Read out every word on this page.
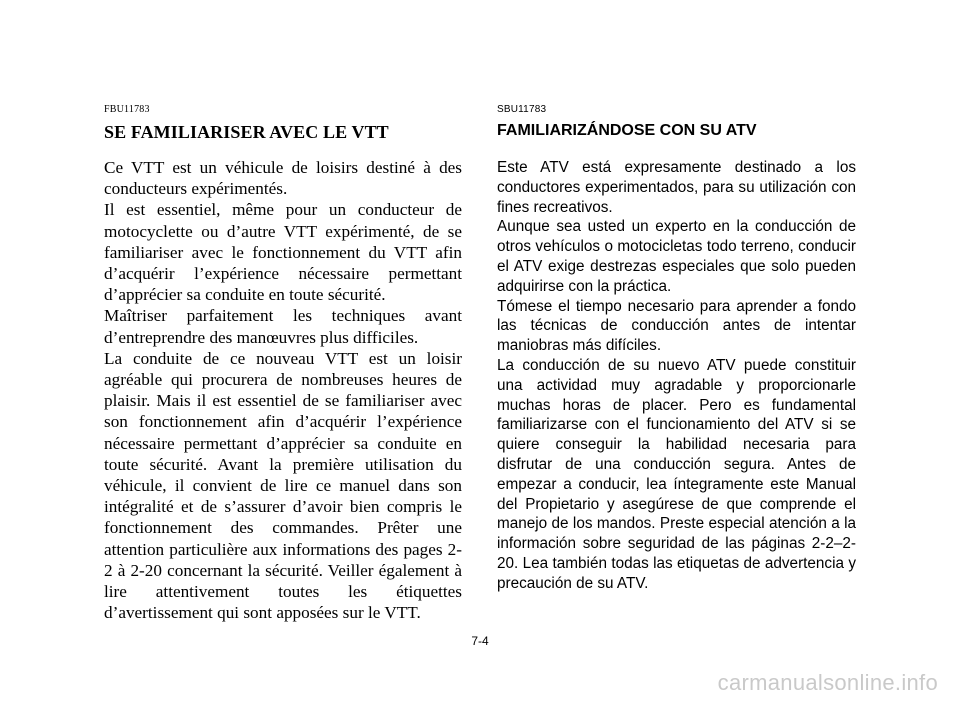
FBU11783
SE FAMILIARISER AVEC LE VTT

Ce VTT est un véhicule de loisirs destiné à des conducteurs expérimentés.

Il est essentiel, même pour un conducteur de motocyclette ou d’autre VTT expérimenté, de se familiariser avec le fonctionnement du VTT afin d’acquérir l’expérience nécessaire permettant d’apprécier sa conduite en toute sécurité.

Maîtriser parfaitement les techniques avant d’entreprendre des manœuvres plus difficiles.

La conduite de ce nouveau VTT est un loisir agréable qui procurera de nombreuses heures de plaisir. Mais il est essentiel de se familiariser avec son fonctionnement afin d’acquérir l’expérience nécessaire permettant d’apprécier sa conduite en toute sécurité. Avant la première utilisation du véhicule, il convient de lire ce manuel dans son intégralité et de s’assurer d’avoir bien compris le fonctionnement des commandes. Prêter une attention particulière aux informations des pages 2-2 à 2-20 concernant la sécurité. Veiller également à lire attentivement toutes les étiquettes d’avertissement qui sont apposées sur le VTT.

SBU11783
FAMILIARIZÁNDOSE CON SU ATV

Este ATV está expresamente destinado a los conductores experimentados, para su utilización con fines recreativos.

Aunque sea usted un experto en la conducción de otros vehículos o motocicletas todo terreno, conducir el ATV exige destrezas especiales que solo pueden adquirirse con la práctica.

Tómese el tiempo necesario para aprender a fondo las técnicas de conducción antes de intentar maniobras más difíciles.

La conducción de su nuevo ATV puede constituir una actividad muy agradable y proporcionarle muchas horas de placer. Pero es fundamental familiarizarse con el funcionamiento del ATV si se quiere conseguir la habilidad necesaria para disfrutar de una conducción segura. Antes de empezar a conducir, lea íntegramente este Manual del Propietario y asegúrese de que comprende el manejo de los mandos. Preste especial atención a la información sobre seguridad de las páginas 2-2–2-20. Lea también todas las etiquetas de advertencia y precaución de su ATV.

7-4
carmanualsonline.info
